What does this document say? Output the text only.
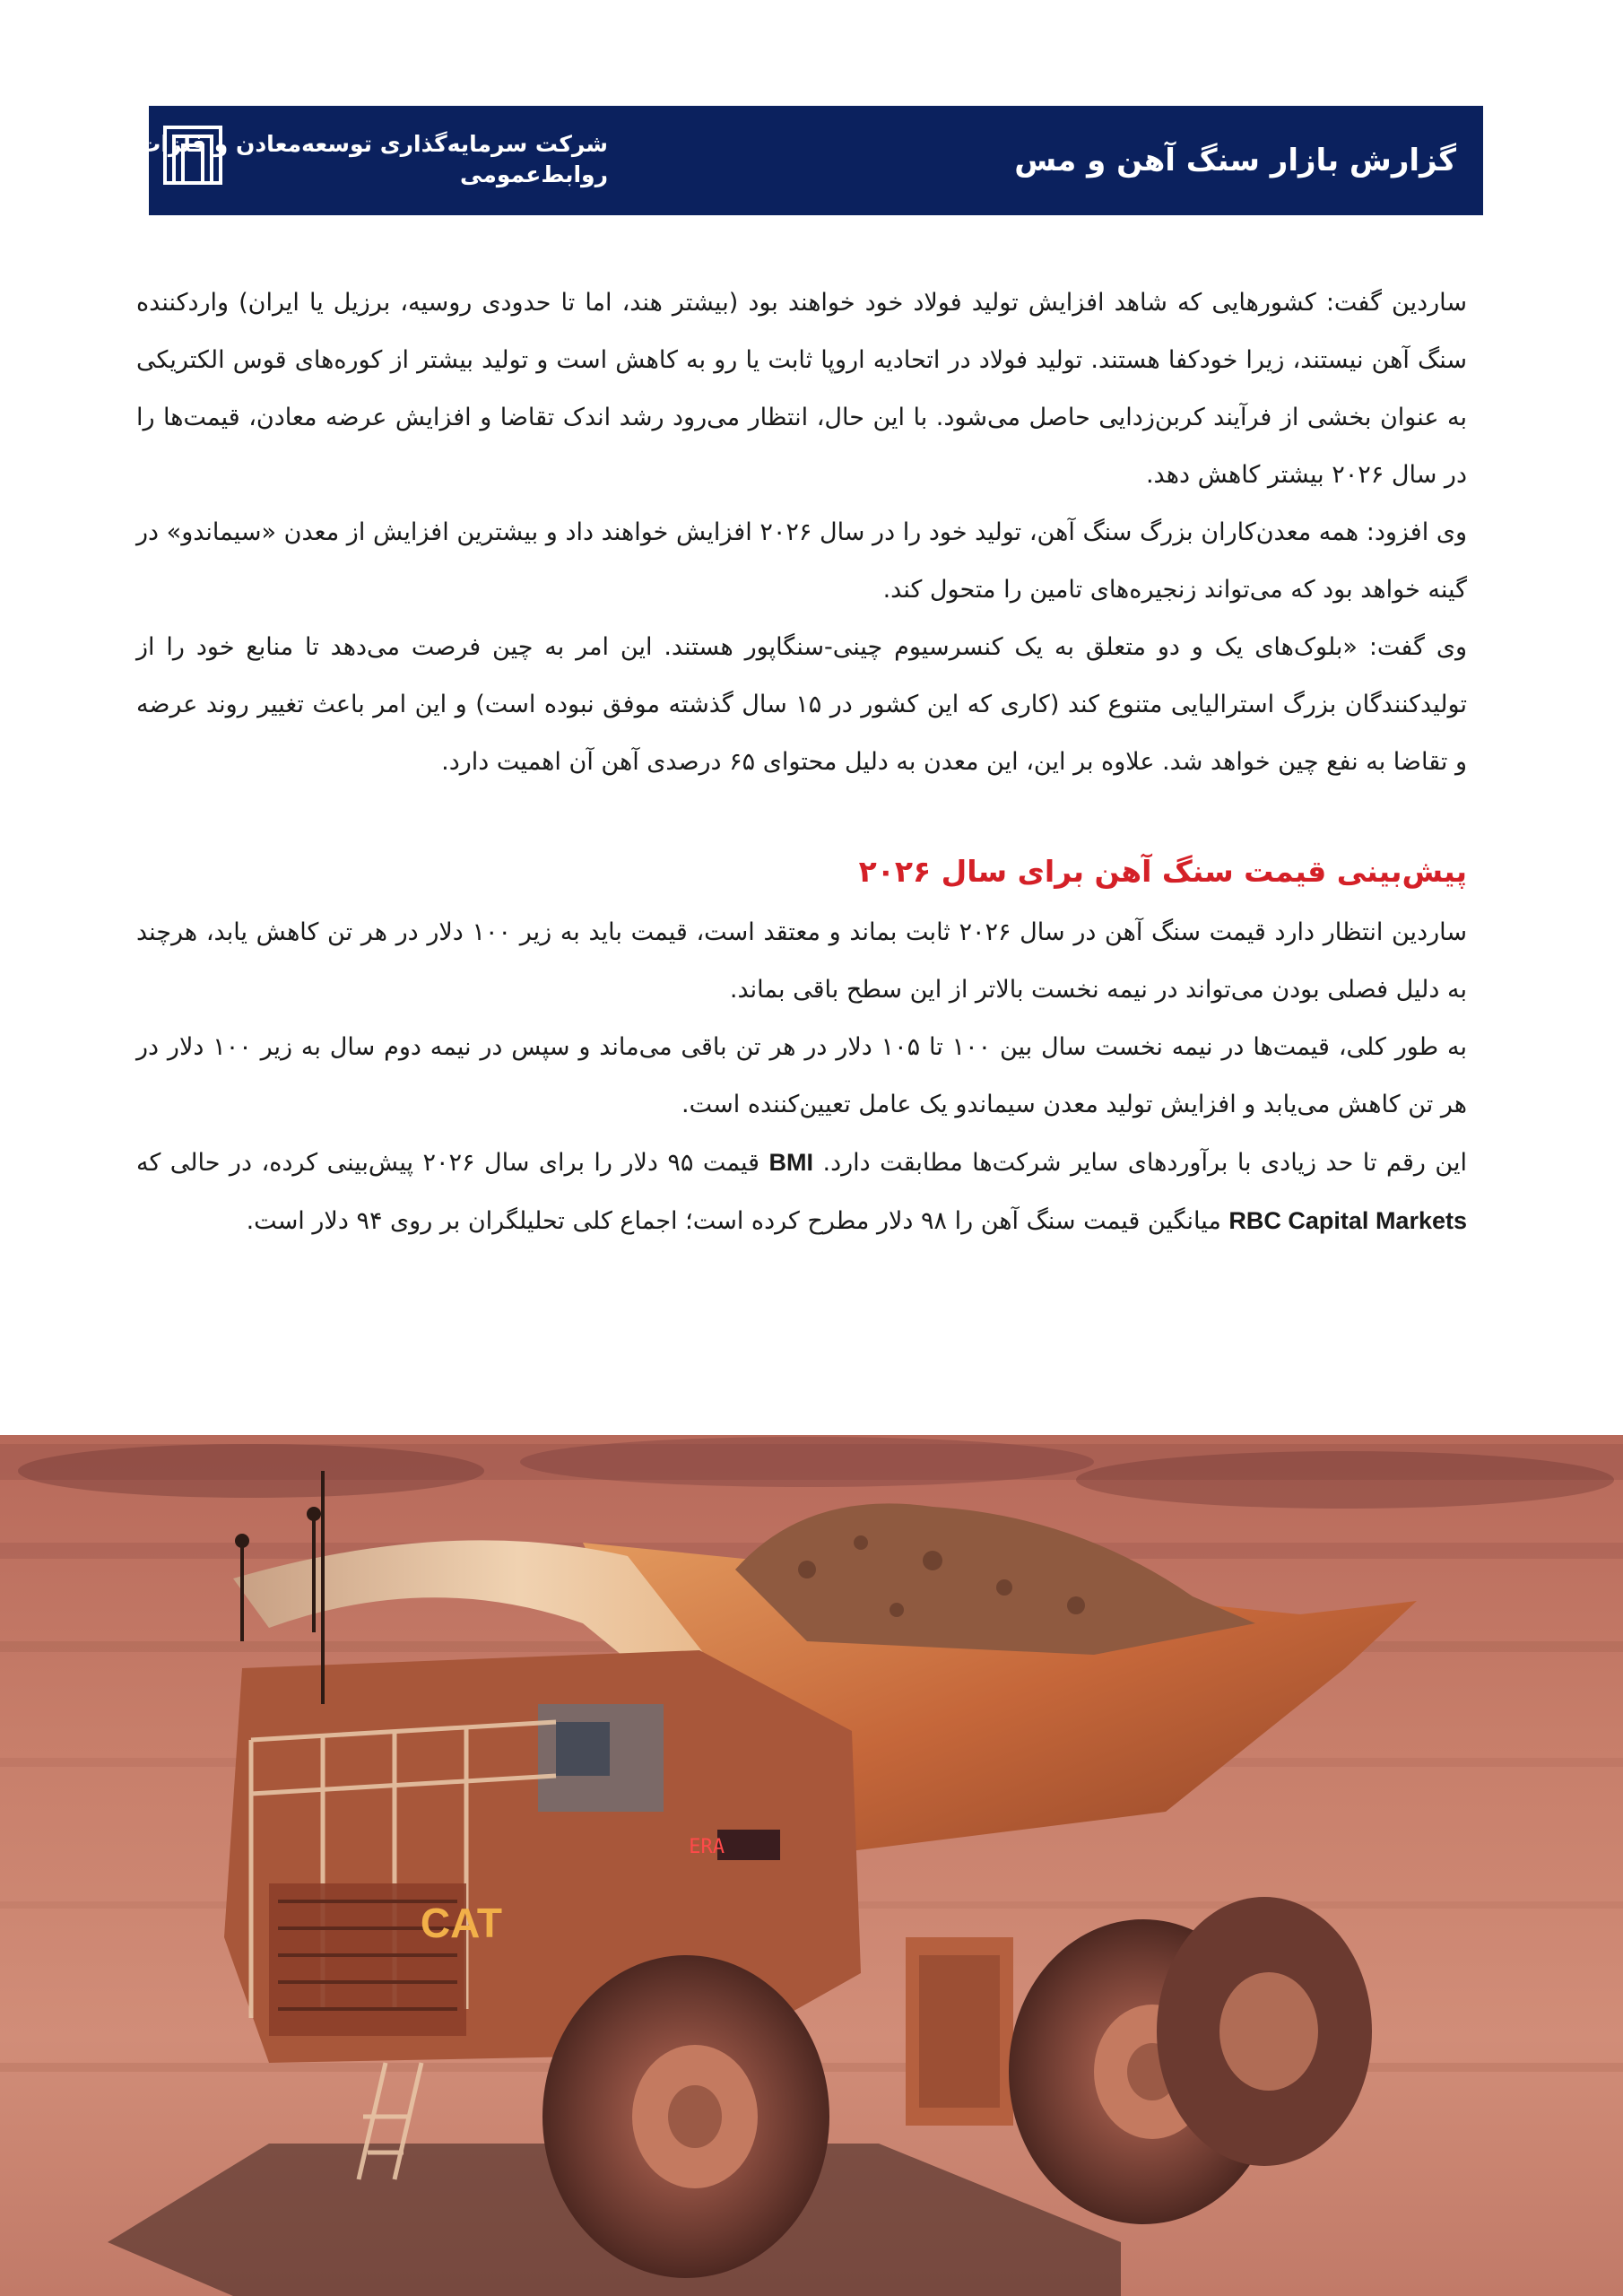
گزارش بازار سنگ آهن و مس
شرکت سرمایه‌گذاری توسعه‌معادن و فلزات
روابط‌عمومی

ساردین گفت: کشورهایی که شاهد افزایش تولید فولاد خود خواهند بود (بیشتر هند، اما تا حدودی روسیه، برزیل یا ایران) واردکننده سنگ آهن نیستند، زیرا خودکفا هستند. تولید فولاد در اتحادیه اروپا ثابت یا رو به کاهش است و تولید بیشتر از کوره‌های قوس الکتریکی به عنوان بخشی از فرآیند کربن‌زدایی حاصل می‌شود. با این حال، انتظار می‌رود رشد اندک تقاضا و افزایش عرضه معادن، قیمت‌ها را در سال ۲۰۲۶ بیشتر کاهش دهد.

وی افزود: همه معدن‌کاران بزرگ سنگ آهن، تولید خود را در سال ۲۰۲۶ افزایش خواهند داد و بیشترین افزایش از معدن «سیماندو» در گینه خواهد بود که می‌تواند زنجیره‌های تامین را متحول کند.

وی گفت: «بلوک‌های یک و دو متعلق به یک کنسرسیوم چینی-سنگاپور هستند. این امر به چین فرصت می‌دهد تا منابع خود را از تولیدکنندگان بزرگ استرالیایی متنوع کند (کاری که این کشور در ۱۵ سال گذشته موفق نبوده است) و این امر باعث تغییر روند عرضه و تقاضا به نفع چین خواهد شد. علاوه بر این، این معدن به دلیل محتوای ۶۵ درصدی آهن آن اهمیت دارد.

پیش‌بینی قیمت سنگ آهن برای سال ۲۰۲۶

ساردین انتظار دارد قیمت سنگ آهن در سال ۲۰۲۶ ثابت بماند و معتقد است، قیمت باید به زیر ۱۰۰ دلار در هر تن کاهش یابد، هرچند به دلیل فصلی بودن می‌تواند در نیمه نخست بالاتر از این سطح باقی بماند.

به طور کلی، قیمت‌ها در نیمه نخست سال بین ۱۰۰ تا ۱۰۵ دلار در هر تن باقی می‌ماند و سپس در نیمه دوم سال به زیر ۱۰۰ دلار در هر تن کاهش می‌یابد و افزایش تولید معدن سیماندو یک عامل تعیین‌کننده است.

این رقم تا حد زیادی با برآوردهای سایر شرکت‌ها مطابقت دارد. BMI قیمت ۹۵ دلار را برای سال ۲۰۲۶ پیش‌بینی کرده، در حالی که RBC Capital Markets میانگین قیمت سنگ آهن را ۹۸ دلار مطرح کرده است؛ اجماع کلی تحلیلگران بر روی ۹۴ دلار است.

CAT
ERA
